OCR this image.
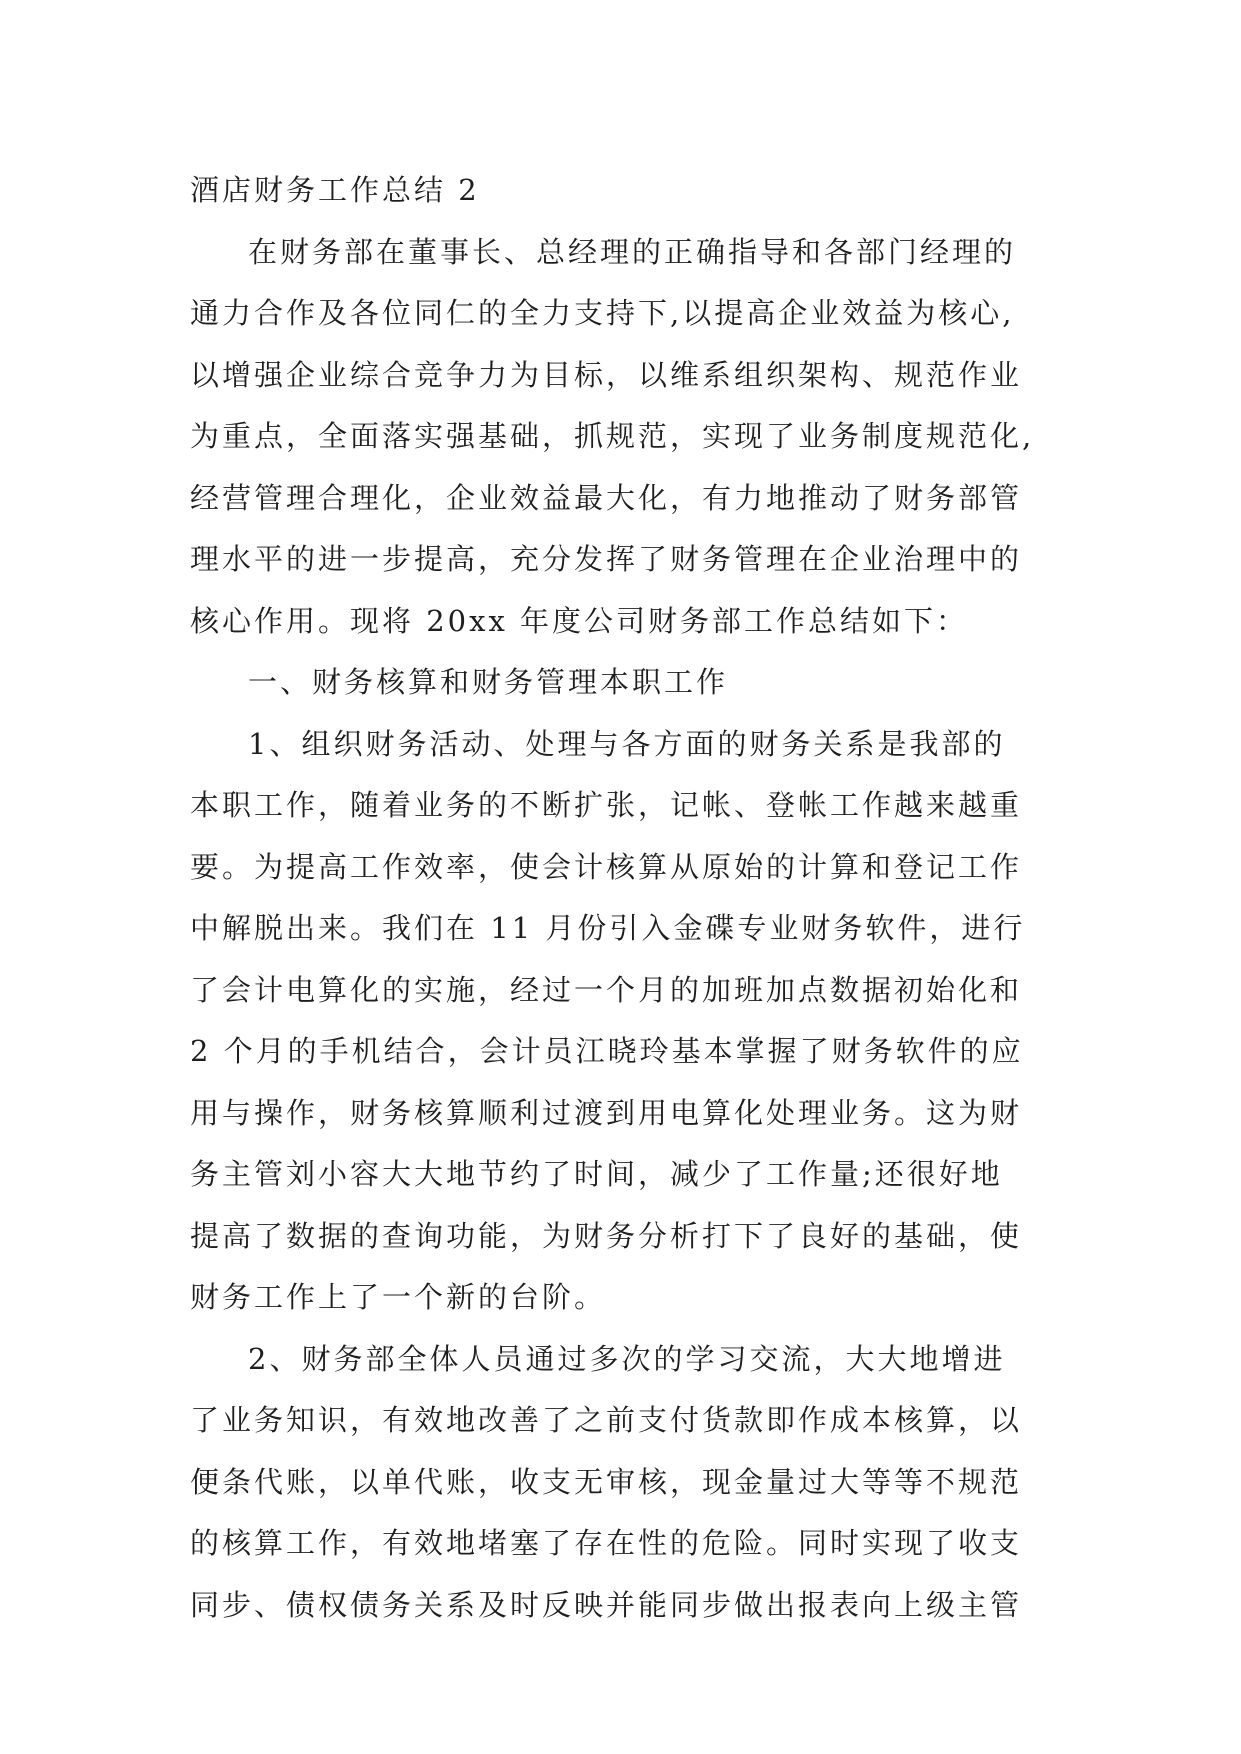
酒店财务工作总结 2
在财务部在董事长、总经理的正确指导和各部门经理的
通力合作及各位同仁的全力支持下,以提高企业效益为核心,
以增强企业综合竞争力为目标，以维系组织架构、规范作业
为重点，全面落实强基础，抓规范，实现了业务制度规范化,
经营管理合理化，企业效益最大化，有力地推动了财务部管
理水平的进一步提高，充分发挥了财务管理在企业治理中的
核心作用。现将 20xx 年度公司财务部工作总结如下：
一、财务核算和财务管理本职工作
1、组织财务活动、处理与各方面的财务关系是我部的
本职工作，随着业务的不断扩张，记帐、登帐工作越来越重
要。为提高工作效率，使会计核算从原始的计算和登记工作
中解脱出来。我们在 11 月份引入金碟专业财务软件，进行
了会计电算化的实施，经过一个月的加班加点数据初始化和
2 个月的手机结合，会计员江晓玲基本掌握了财务软件的应
用与操作，财务核算顺利过渡到用电算化处理业务。这为财
务主管刘小容大大地节约了时间，减少了工作量;还很好地
提高了数据的查询功能，为财务分析打下了良好的基础，使
财务工作上了一个新的台阶。
2、财务部全体人员通过多次的学习交流，大大地增进
了业务知识，有效地改善了之前支付货款即作成本核算，以
便条代账，以单代账，收支无审核，现金量过大等等不规范
的核算工作，有效地堵塞了存在性的危险。同时实现了收支
同步、债权债务关系及时反映并能同步做出报表向上级主管
